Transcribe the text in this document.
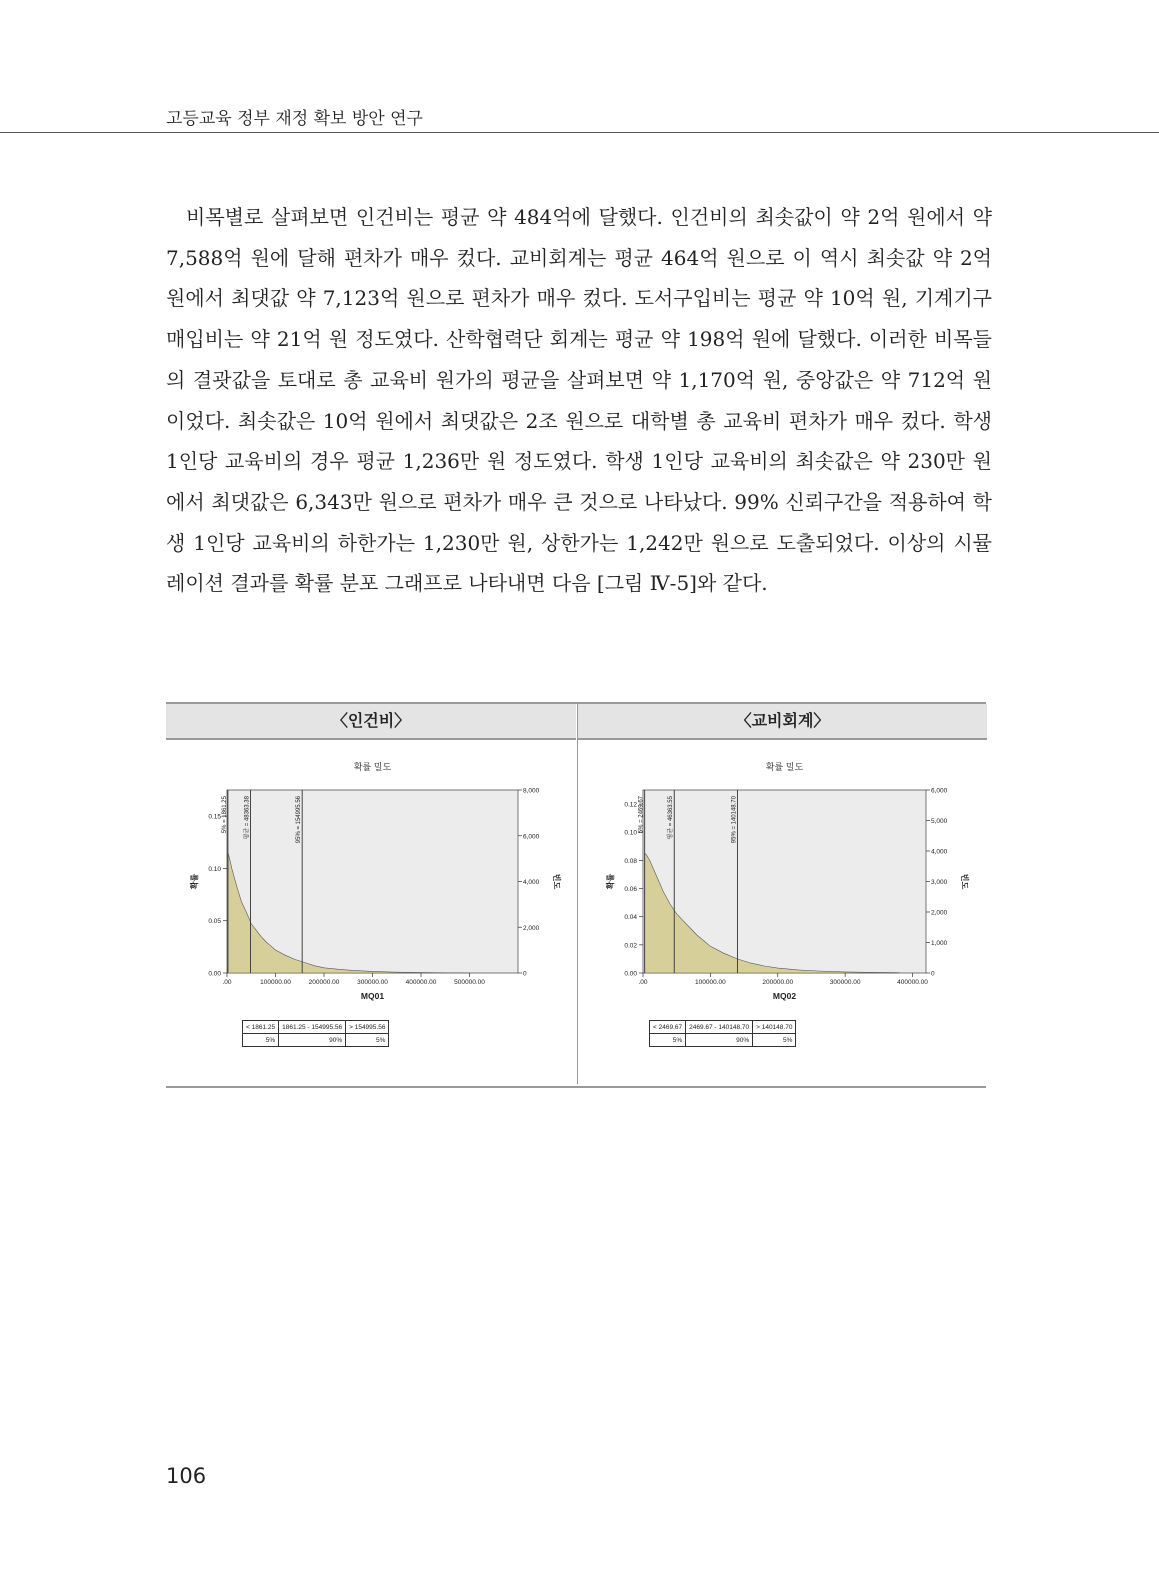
고등교육 정부 재정 확보 방안 연구

비목별로 살펴보면 인건비는 평균 약 484억에 달했다. 인건비의 최솟값이 약 2억 원에서 약 7,588억 원에 달해 편차가 매우 컸다. 교비회계는 평균 464억 원으로 이 역시 최솟값 약 2억 원에서 최댓값 약 7,123억 원으로 편차가 매우 컸다. 도서구입비는 평균 약 10억 원, 기계기구매입비는 약 21억 원 정도였다. 산학협력단 회계는 평균 약 198억 원에 달했다. 이러한 비목들의 결괏값을 토대로 총 교육비 원가의 평균을 살펴보면 약 1,170억 원, 중앙값은 약 712억 원이었다. 최솟값은 10억 원에서 최댓값은 2조 원으로 대학별 총 교육비 편차가 매우 컸다. 학생 1인당 교육비의 경우 평균 1,236만 원 정도였다. 학생 1인당 교육비의 최솟값은 약 230만 원에서 최댓값은 6,343만 원으로 편차가 매우 큰 것으로 나타났다. 99% 신뢰구간을 적용하여 학생 1인당 교육비의 하한가는 1,230만 원, 상한가는 1,242만 원으로 도출되었다. 이상의 시뮬레이션 결과를 확률 분포 그래프로 나타내면 다음 [그림 Ⅳ-5]와 같다.

〈인건비〉
확률 밀도
0.00
0.05
0.10
0.15
0
2,000
4,000
6,000
8,000
.00	100000.00	200000.00	300000.00	400000.00	500000.00
5% = 1861.25	평균 = 48363.38	95% = 154995.56
MQ01
확률	빈도
< 1861.25	1861.25 - 154995.56	> 154995.56
5%	90%	5%
〈교비회계〉
확률 밀도
0.00
0.02
0.04
0.06
0.08
0.10
0.12
0
1,000
2,000
3,000
4,000
5,000
6,000
.00	100000.00	200000.00	300000.00	400000.00
5% = 2469.67	평균 = 46363.55	95% = 140148.70
MQ02
확률	빈도
< 2469.67	2469.67 - 140148.70	> 140148.70
5%	90%	5%
106
